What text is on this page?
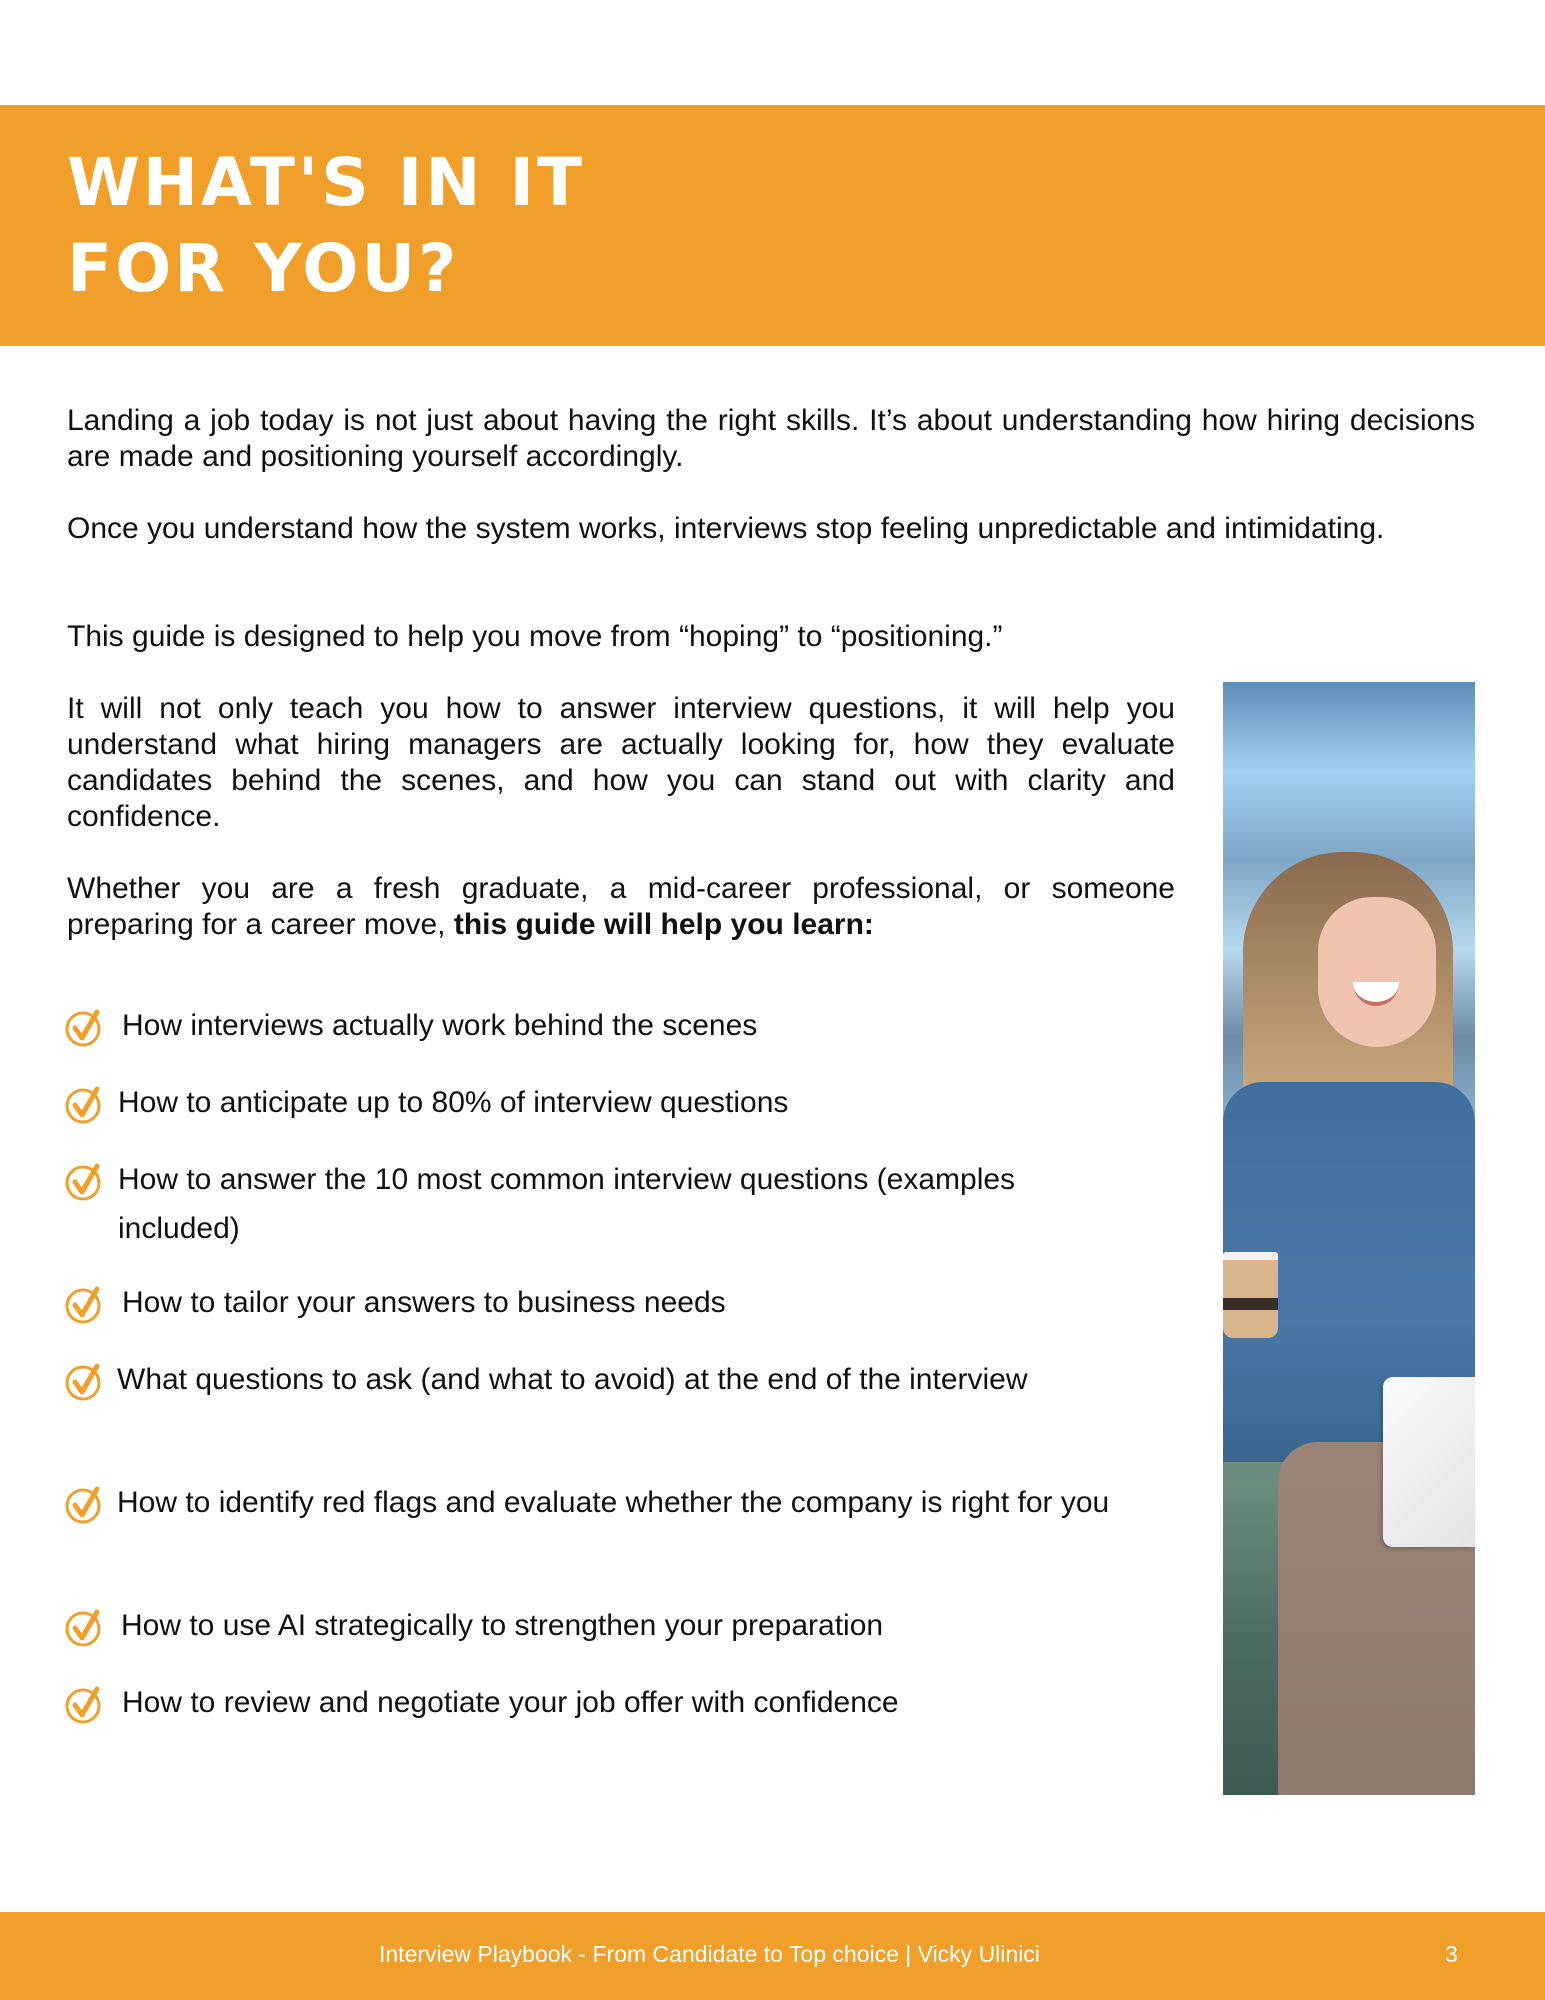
WHAT'S IN IT
FOR YOU?

Landing a job today is not just about having the right skills. It’s about understanding how hiring decisions are made and positioning yourself accordingly.

Once you understand how the system works, interviews stop feeling unpredictable and intimidating.

This guide is designed to help you move from “hoping” to “positioning.”

It will not only teach you how to answer interview questions, it will help you understand what hiring managers are actually looking for, how they evaluate candidates behind the scenes, and how you can stand out with clarity and confidence.

Whether you are a fresh graduate, a mid-career professional, or someone preparing for a career move, this guide will help you learn:

How interviews actually work behind the scenes

How to anticipate up to 80% of interview questions

How to answer the 10 most common interview questions (examples included)

How to tailor your answers to business needs

What questions to ask (and what to avoid) at the end of the interview

How to identify red flags and evaluate whether the company is right for you

How to use AI strategically to strengthen your preparation

How to review and negotiate your job offer with confidence

Interview Playbook - From Candidate to Top choice | Vicky Ulinici	3
